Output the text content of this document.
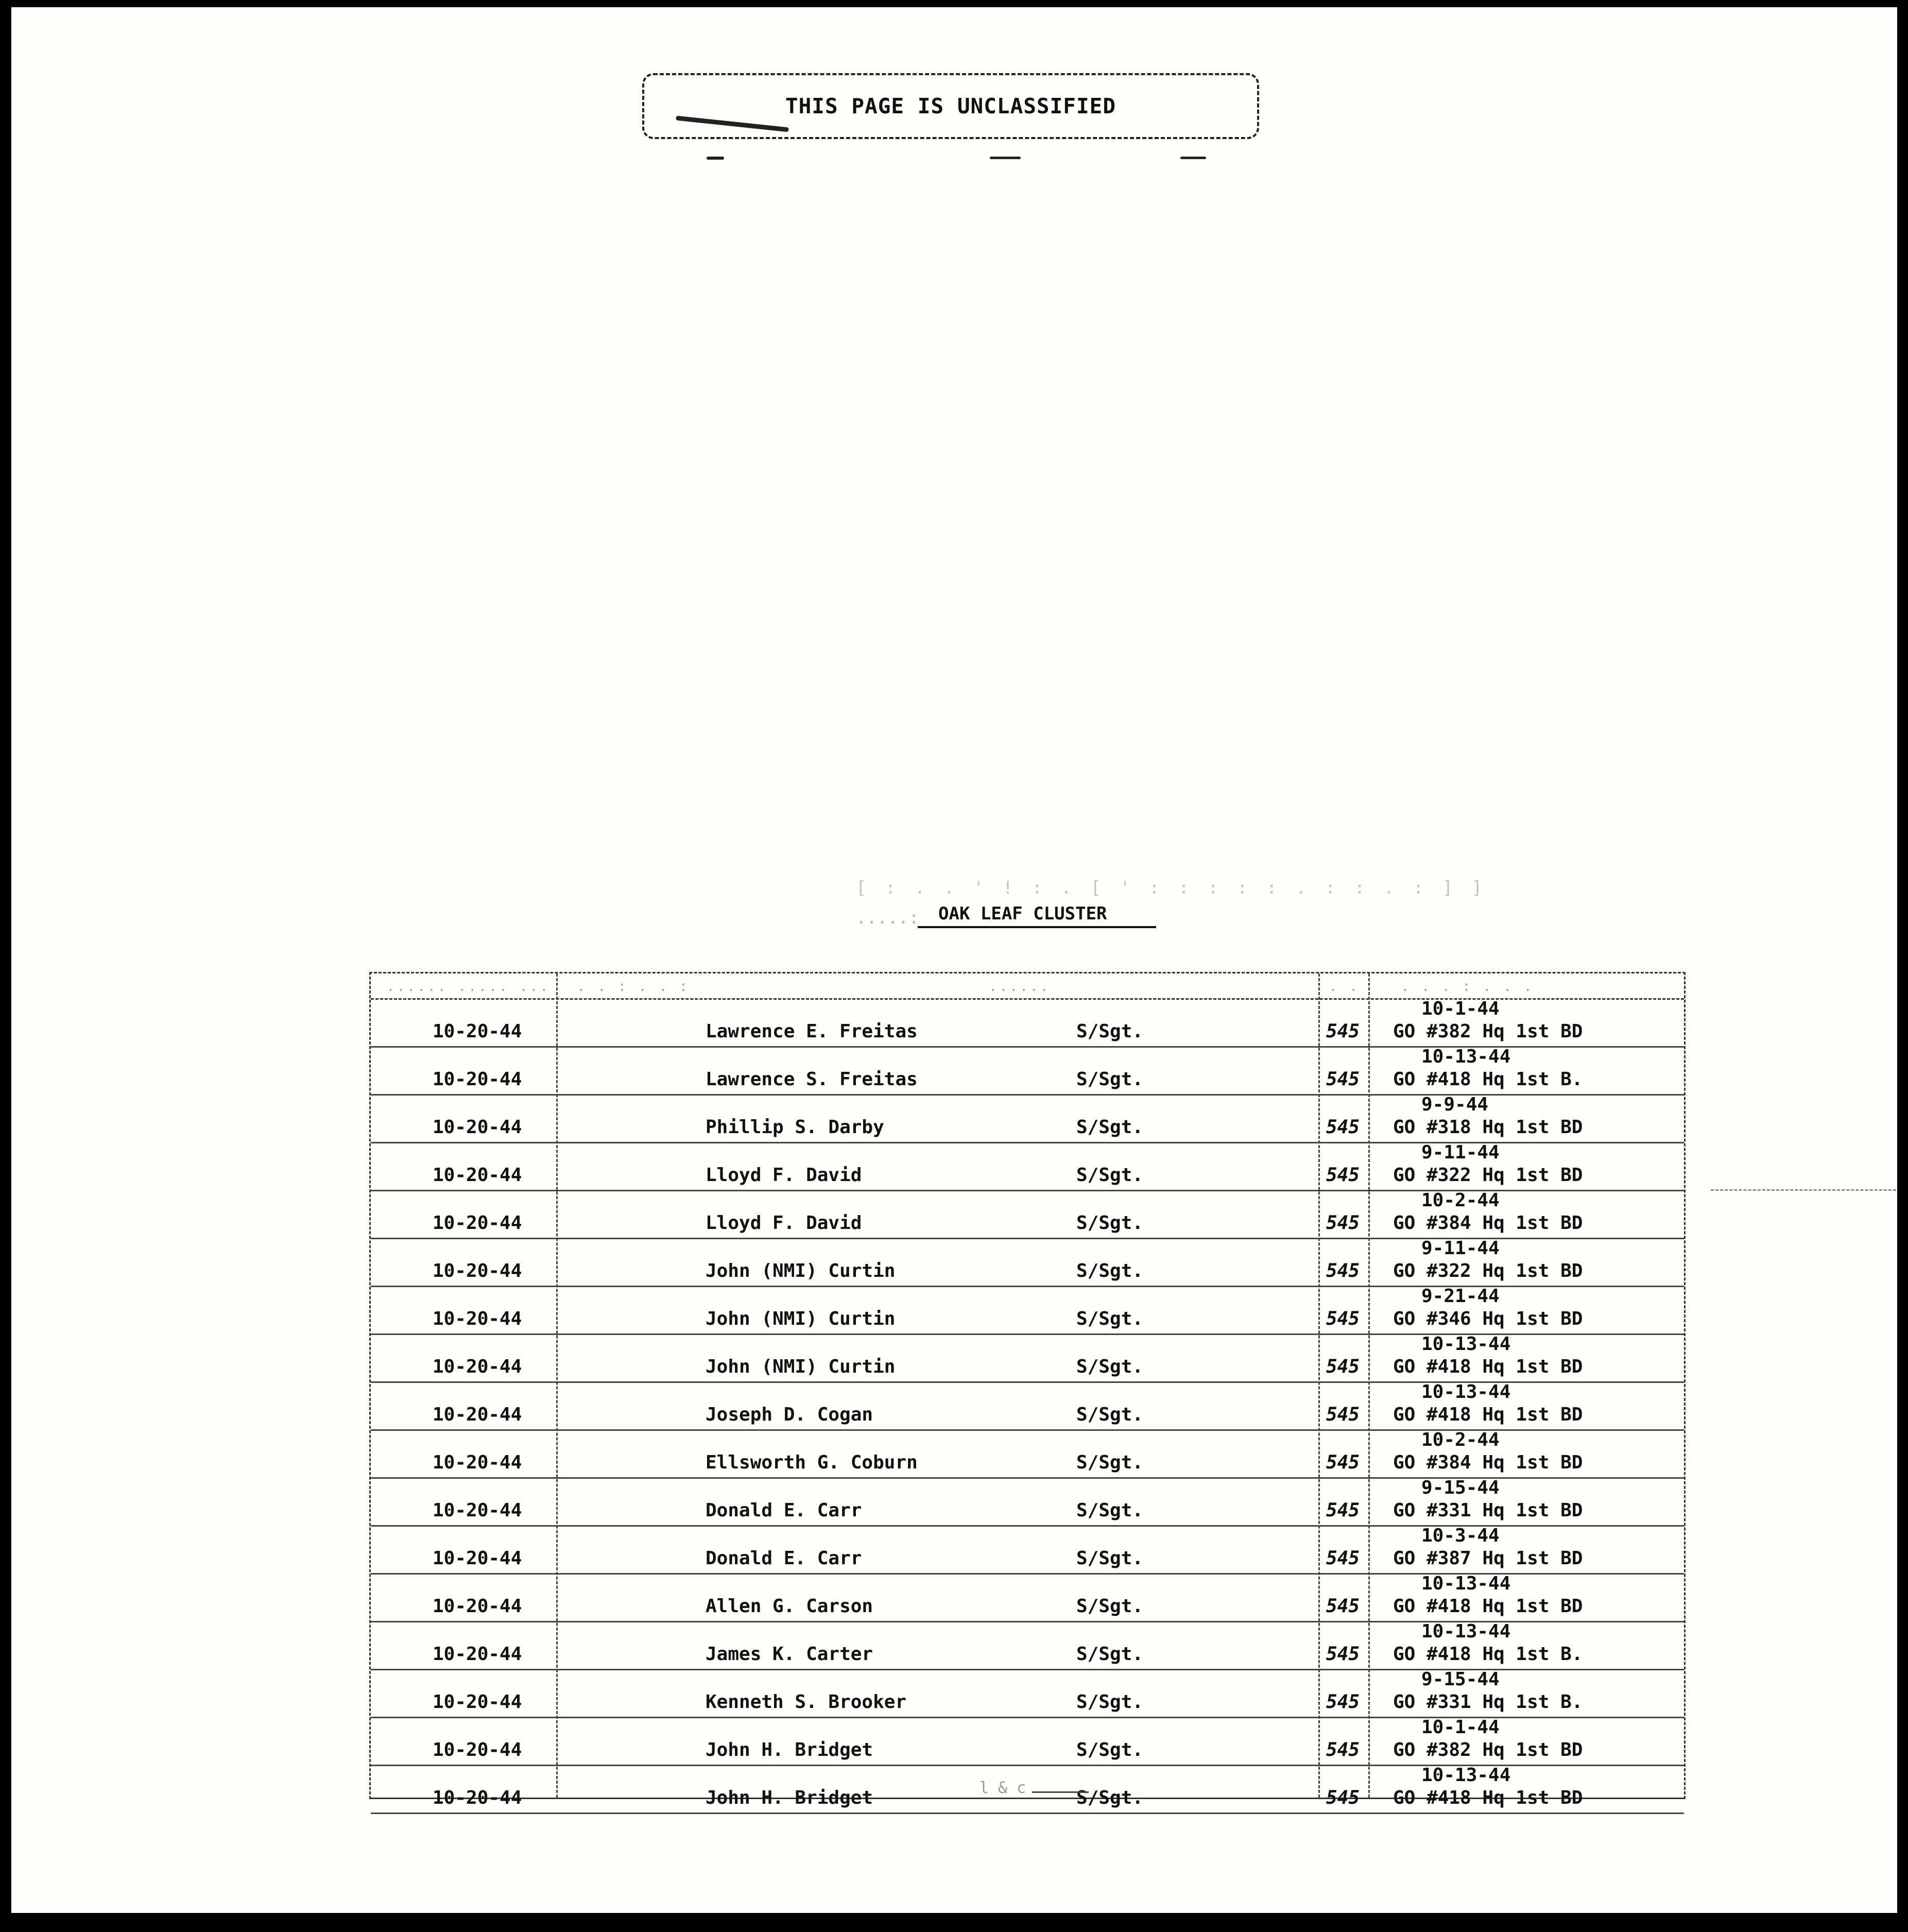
THIS PAGE IS UNCLASSIFIED
[ : . . ' ! : . [ ' : : : : : . : : . : ] ]
.....:	OAK LEAF CLUSTER
...... ..... ... . . : . . :	......	. .	. . . : . . .
10-20-44	Lawrence E. Freitas	S/Sgt.	545
10-1-44
GO #382 Hq 1st BD
10-20-44	Lawrence S. Freitas	S/Sgt.	545
10-13-44
GO #418 Hq 1st B.
10-20-44	Phillip S. Darby	S/Sgt.	545
9-9-44
GO #318 Hq 1st BD
10-20-44	Lloyd F. David	S/Sgt.	545
9-11-44
GO #322 Hq 1st BD
10-20-44	Lloyd F. David	S/Sgt.	545
10-2-44
GO #384 Hq 1st BD
10-20-44	John (NMI) Curtin	S/Sgt.	545
9-11-44
GO #322 Hq 1st BD
10-20-44	John (NMI) Curtin	S/Sgt.	545
9-21-44
GO #346 Hq 1st BD
10-20-44	John (NMI) Curtin	S/Sgt.	545
10-13-44
GO #418 Hq 1st BD
10-20-44	Joseph D. Cogan	S/Sgt.	545
10-13-44
GO #418 Hq 1st BD
10-20-44	Ellsworth G. Coburn	S/Sgt.	545
10-2-44
GO #384 Hq 1st BD
10-20-44	Donald E. Carr	S/Sgt.	545
9-15-44
GO #331 Hq 1st BD
10-20-44	Donald E. Carr	S/Sgt.	545
10-3-44
GO #387 Hq 1st BD
10-20-44	Allen G. Carson	S/Sgt.	545
10-13-44
GO #418 Hq 1st BD
10-20-44	James K. Carter	S/Sgt.	545
10-13-44
GO #418 Hq 1st B.
10-20-44	Kenneth S. Brooker	S/Sgt.	545
9-15-44
GO #331 Hq 1st B.
10-20-44	John H. Bridget	S/Sgt.	545
10-1-44
GO #382 Hq 1st BD
10-20-44	John H. Bridget	S/Sgt.	545
10-13-44
GO #418 Hq 1st BD
l & c
